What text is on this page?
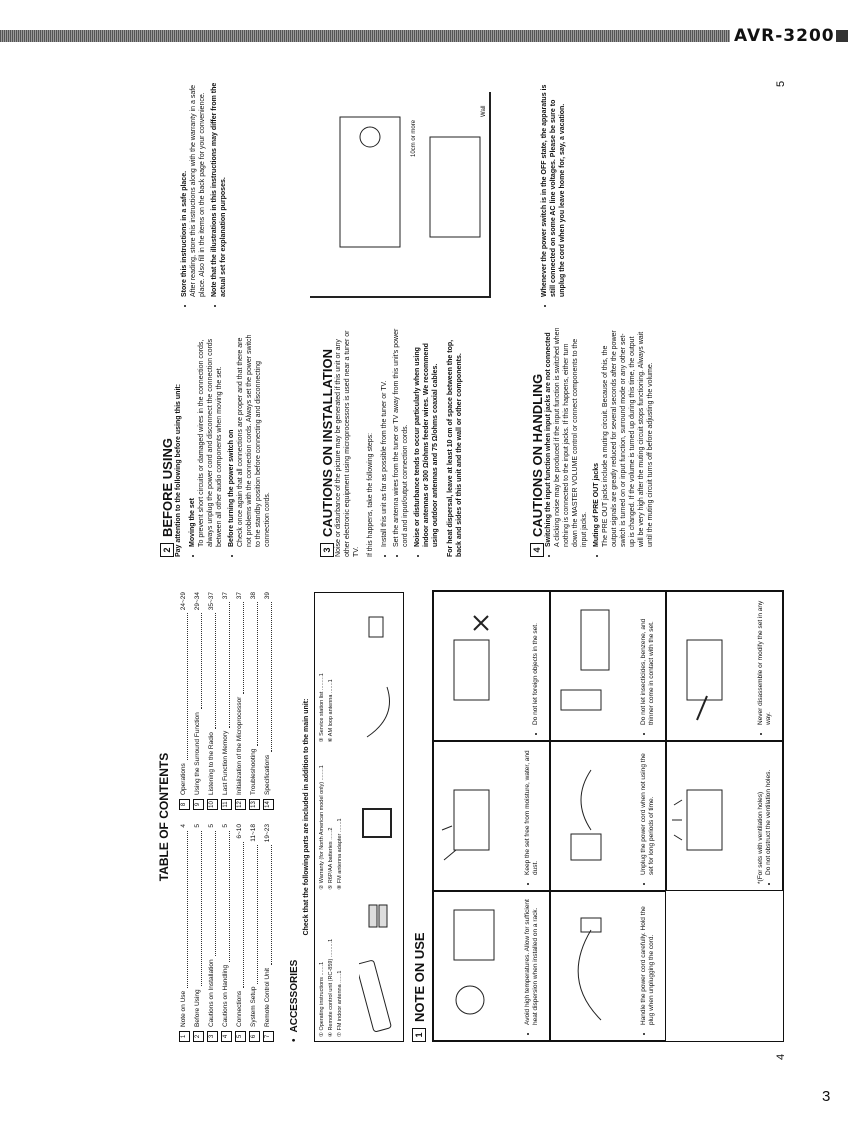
AVR-3200
3
TABLE OF CONTENTS
1
Note on Use
4
2
Before Using
5
3
Cautions on Installation
5
4
Cautions on Handling
5
5
Connections
6~10
6
System Setup
11~18
7
Remote Control Unit
19~23
8
Operations
24~29
9
Using the Surround Function
29~34
10
Listening to the Radio
35~37
11
Last Function Memory
37
12
Initialization of the Microprocessor
37
13
Troubleshooting
38
14
Specifications
39
•
ACCESSORIES
Check that the following parts are included in addition to the main unit:
① Operating instructions .......1
② Warranty (for North American model only) ........1
③ Service station list .........1
④ Remote control unit (RC-859) ..........1
⑤ R6P/AA batteries ......2
⑥ AM loop antenna .......1
⑦ FM indoor antenna ......1
⑧ FM antenna adapter .......1
1
NOTE ON USE	• Avoid high temperatures. Allow for sufficient heat dispersion when installed on a rack.
• Keep the set free from moisture, water, and dust.
• Do not let foreign objects in the set.
• Handle the power cord carefully. Hold the plug when unplugging the cord.
• Unplug the power cord when not using the set for long periods of time.
• Do not let insecticides, benzene, and thinner come in contact with the set.
*(For sets with ventilation holes) • Do not obstruct the ventilation holes.
• Never disassemble or modify the set in any way.
2
BEFORE USING Pay attention to the following before using this unit: • Moving the set To prevent short circuits or damaged wires in the connection cords, always unplug the power cord and disconnect the connection cords between all other audio components when moving the set. • Before turning the power switch on Check once again that all connections are proper and that there are not problems with the connection cords. Always set the power switch to the standby position before connecting and disconnecting connection cords.
• Store this instructions in a safe place. After reading, store this instructions along with the warranty in a safe place. Also fill in the items on the back page for your convenience. • Note that the illustrations in this instructions may differ from the actual set for explanation purposes.
3
CAUTIONS ON INSTALLATION Noise or disturbance of the picture may be generated if this unit or any other electronic equipment using microprocessors is used near a tuner or TV. If this happens, take the following steps: • Install this unit as far as possible from the tuner or TV. • Set the antenna wires from the tuner or TV away from this unit's power cord and input/output connection cords. • Noise or disturbance tends to occur particularly when using indoor antennas or 300 Ω/ohms feeder wires. We recommend using outdoor antennas and 75 Ω/ohms coaxial cables. For heat dispersal, leave at least 10 cm of space between the top, back and sides of this unit and the wall or other components.

10cm or more
Wall
4
CAUTIONS ON HANDLING • Switching the input function when input jacks are not connected A clicking noise may be produced if the input function is switched when nothing is connected to the input jacks. If this happens, either turn down the MASTER VOLUME control or connect components to the input jacks. • Muting of PRE OUT jacks The PRE OUT jacks include a muting circuit. Because of this, the output signals are greatly reduced for several seconds after the power switch is turned on or input function, surround mode or any other set-up is changed. If the volume is turned up during this time, the output will be very high after the muting circuit stops functioning. Always wait until the muting circuit turns off before adjusting the volume.
• Whenever the power switch is in the OFF state, the apparatus is still connected on some AC line voltages. Please be sure to unplug the cord when you leave home for, say, a vacation.
4
5
